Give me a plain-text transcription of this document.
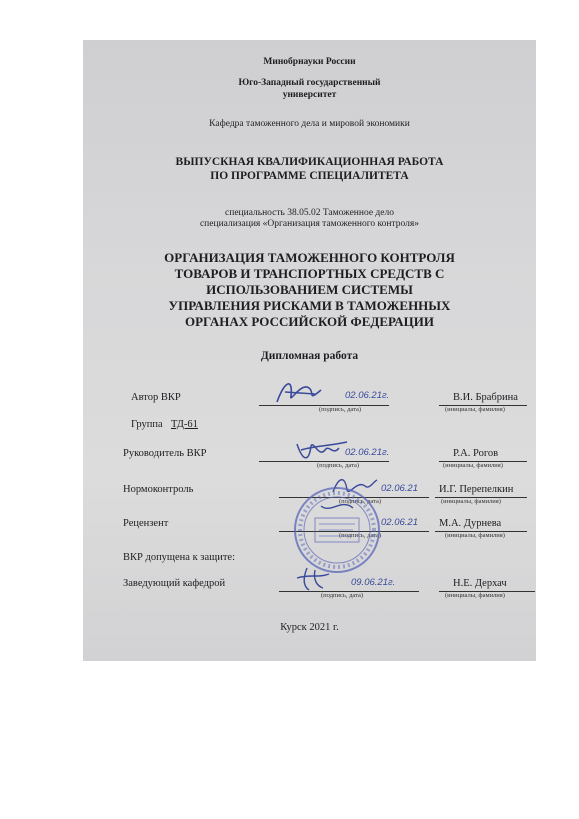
Минобрнауки России
Юго-Западный государственный
университет
Кафедра таможенного дела и мировой экономики
ВЫПУСКНАЯ КВАЛИФИКАЦИОННАЯ РАБОТА
ПО ПРОГРАММЕ СПЕЦИАЛИТЕТА
специальность 38.05.02 Таможенное дело
специализация «Организация таможенного контроля»
ОРГАНИЗАЦИЯ ТАМОЖЕННОГО КОНТРОЛЯ
ТОВАРОВ И ТРАНСПОРТНЫХ СРЕДСТВ С
ИСПОЛЬЗОВАНИЕМ СИСТЕМЫ
УПРАВЛЕНИЯ РИСКАМИ В ТАМОЖЕННЫХ
ОРГАНАХ РОССИЙСКОЙ ФЕДЕРАЦИИ
Дипломная работа
Автор ВКР	02.06.21г.
(подпись, дата)
В.И. Брабрина
(инициалы, фамилия)
Группа ТД-61
Руководитель ВКР	02.06.21г.
(подпись, дата)
Р.А. Рогов
(инициалы, фамилия)
Нормоконтроль	02.06.21
(подпись, дата)
И.Г. Перепелкин
(инициалы, фамилия)
Рецензент	02.06.21
(подпись, дата)
М.А. Дурнева
(инициалы, фамилия)
ВКР допущена к защите:
Заведующий кафедрой	09.06.21г.
(подпись, дата)
Н.Е. Дерхач
(инициалы, фамилия)
Курск 2021 г.
